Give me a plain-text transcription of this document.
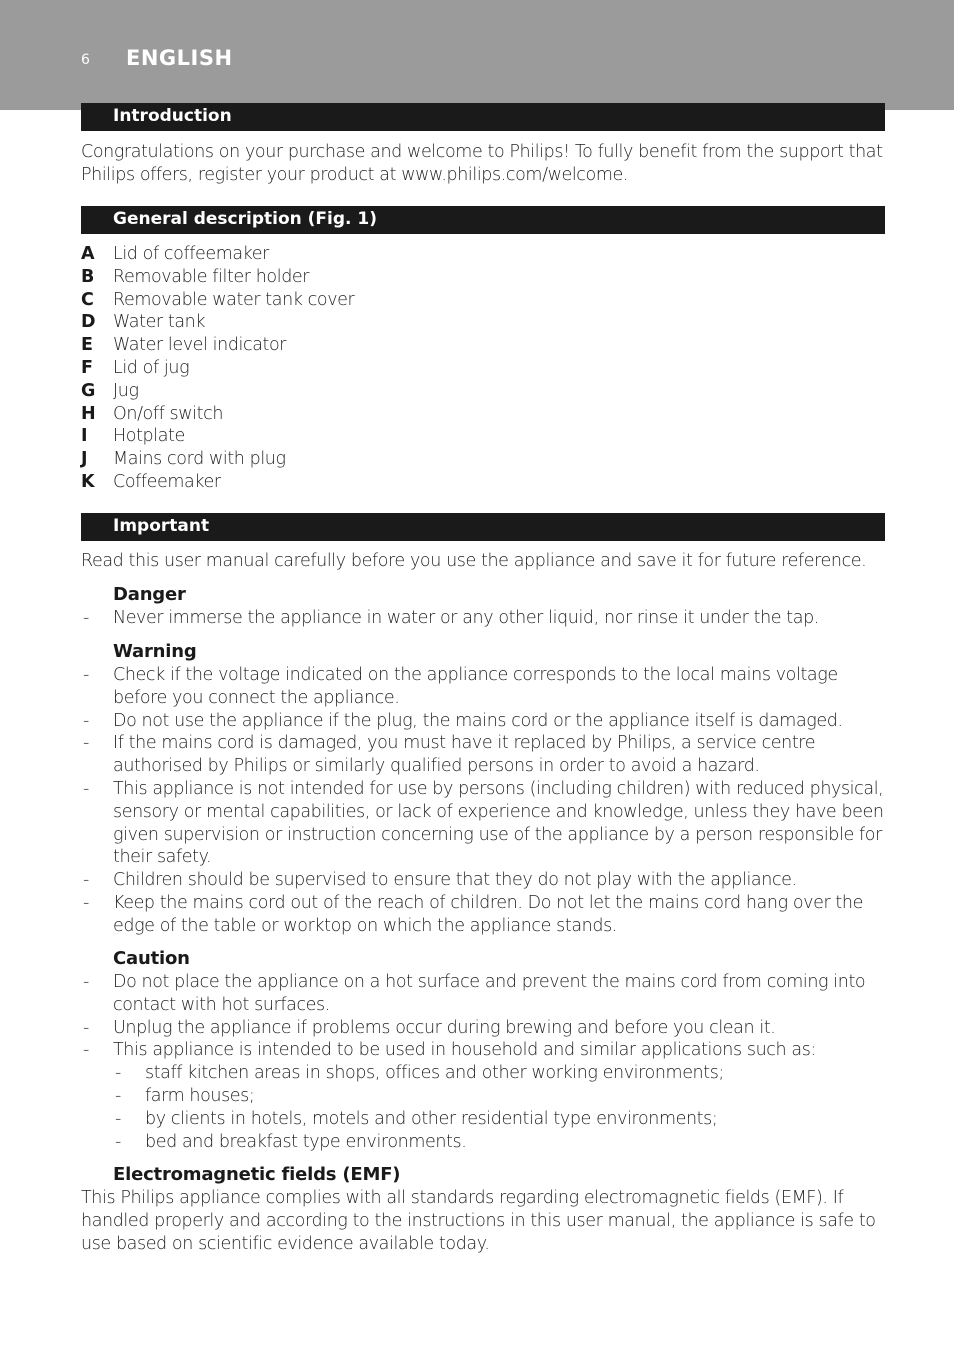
6 ENGLISH
Introduction

Congratulations on your purchase and welcome to Philips! To fully benefit from the support that Philips offers, register your product at www.philips.com/welcome.

General description (Fig. 1)
A Lid of coffeemaker
B Removable filter holder
C Removable water tank cover
D Water tank
E Water level indicator
F Lid of jug
G Jug
H On/off switch
I Hotplate
J Mains cord with plug
K Coffeemaker
Important

Read this user manual carefully before you use the appliance and save it for future reference.

Danger
- Never immerse the appliance in water or any other liquid, nor rinse it under the tap.
Warning
- Check if the voltage indicated on the appliance corresponds to the local mains voltage before you connect the appliance.
- Do not use the appliance if the plug, the mains cord or the appliance itself is damaged.
- If the mains cord is damaged, you must have it replaced by Philips, a service centre authorised by Philips or similarly qualified persons in order to avoid a hazard.
- This appliance is not intended for use by persons (including children) with reduced physical, sensory or mental capabilities, or lack of experience and knowledge, unless they have been given supervision or instruction concerning use of the appliance by a person responsible for their safety.
- Children should be supervised to ensure that they do not play with the appliance.
- Keep the mains cord out of the reach of children. Do not let the mains cord hang over the edge of the table or worktop on which the appliance stands.
Caution
- Do not place the appliance on a hot surface and prevent the mains cord from coming into contact with hot surfaces.
- Unplug the appliance if problems occur during brewing and before you clean it.
- This appliance is intended to be used in household and similar applications such as:
- staff kitchen areas in shops, offices and other working environments;
- farm houses;
- by clients in hotels, motels and other residential type environments;
- bed and breakfast type environments.
Electromagnetic fields (EMF)

This Philips appliance complies with all standards regarding electromagnetic fields (EMF). If handled properly and according to the instructions in this user manual, the appliance is safe to use based on scientific evidence available today.
